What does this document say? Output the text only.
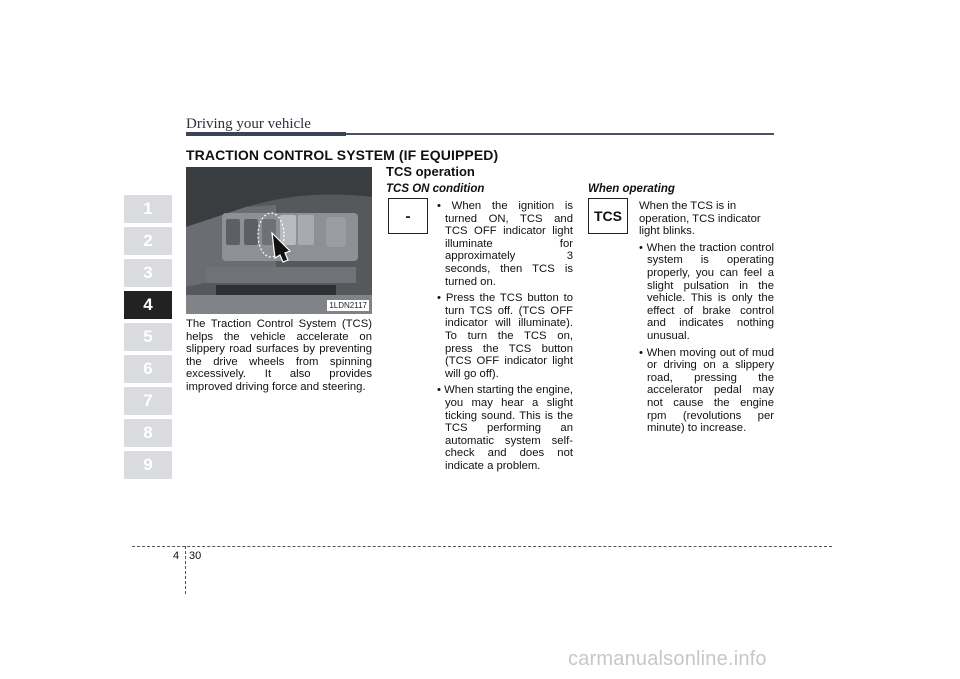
Driving your vehicle
TRACTION CONTROL SYSTEM (IF EQUIPPED)
1
2
3
4
5
6
7
8
9
1LDN2117
The Traction Control System (TCS) helps the vehicle accelerate on slippery road surfaces by preventing the drive wheels from spinning excessively. It also provides improved driving force and steering.
TCS operation
TCS ON condition
-
• When the ignition is turned ON, TCS and TCS OFF indicator light illuminate for approximately 3 seconds, then TCS is turned on.
• Press the TCS button to turn TCS off. (TCS OFF indicator will illuminate). To turn the TCS on, press the TCS button (TCS OFF indicator light will go off).
• When starting the engine, you may hear a slight ticking sound. This is the TCS performing an automatic system self-check and does not indicate a problem.
When operating
TCS
When the TCS is in operation, TCS indicator light blinks.
• When the traction control system is operating properly, you can feel a slight pulsation in the vehicle. This is only the effect of brake control and indicates nothing unusual.
• When moving out of mud or driving on a slippery road, pressing the accelerator pedal may not cause the engine rpm (revolutions per minute) to increase.
4 30
carmanualsonline.info
